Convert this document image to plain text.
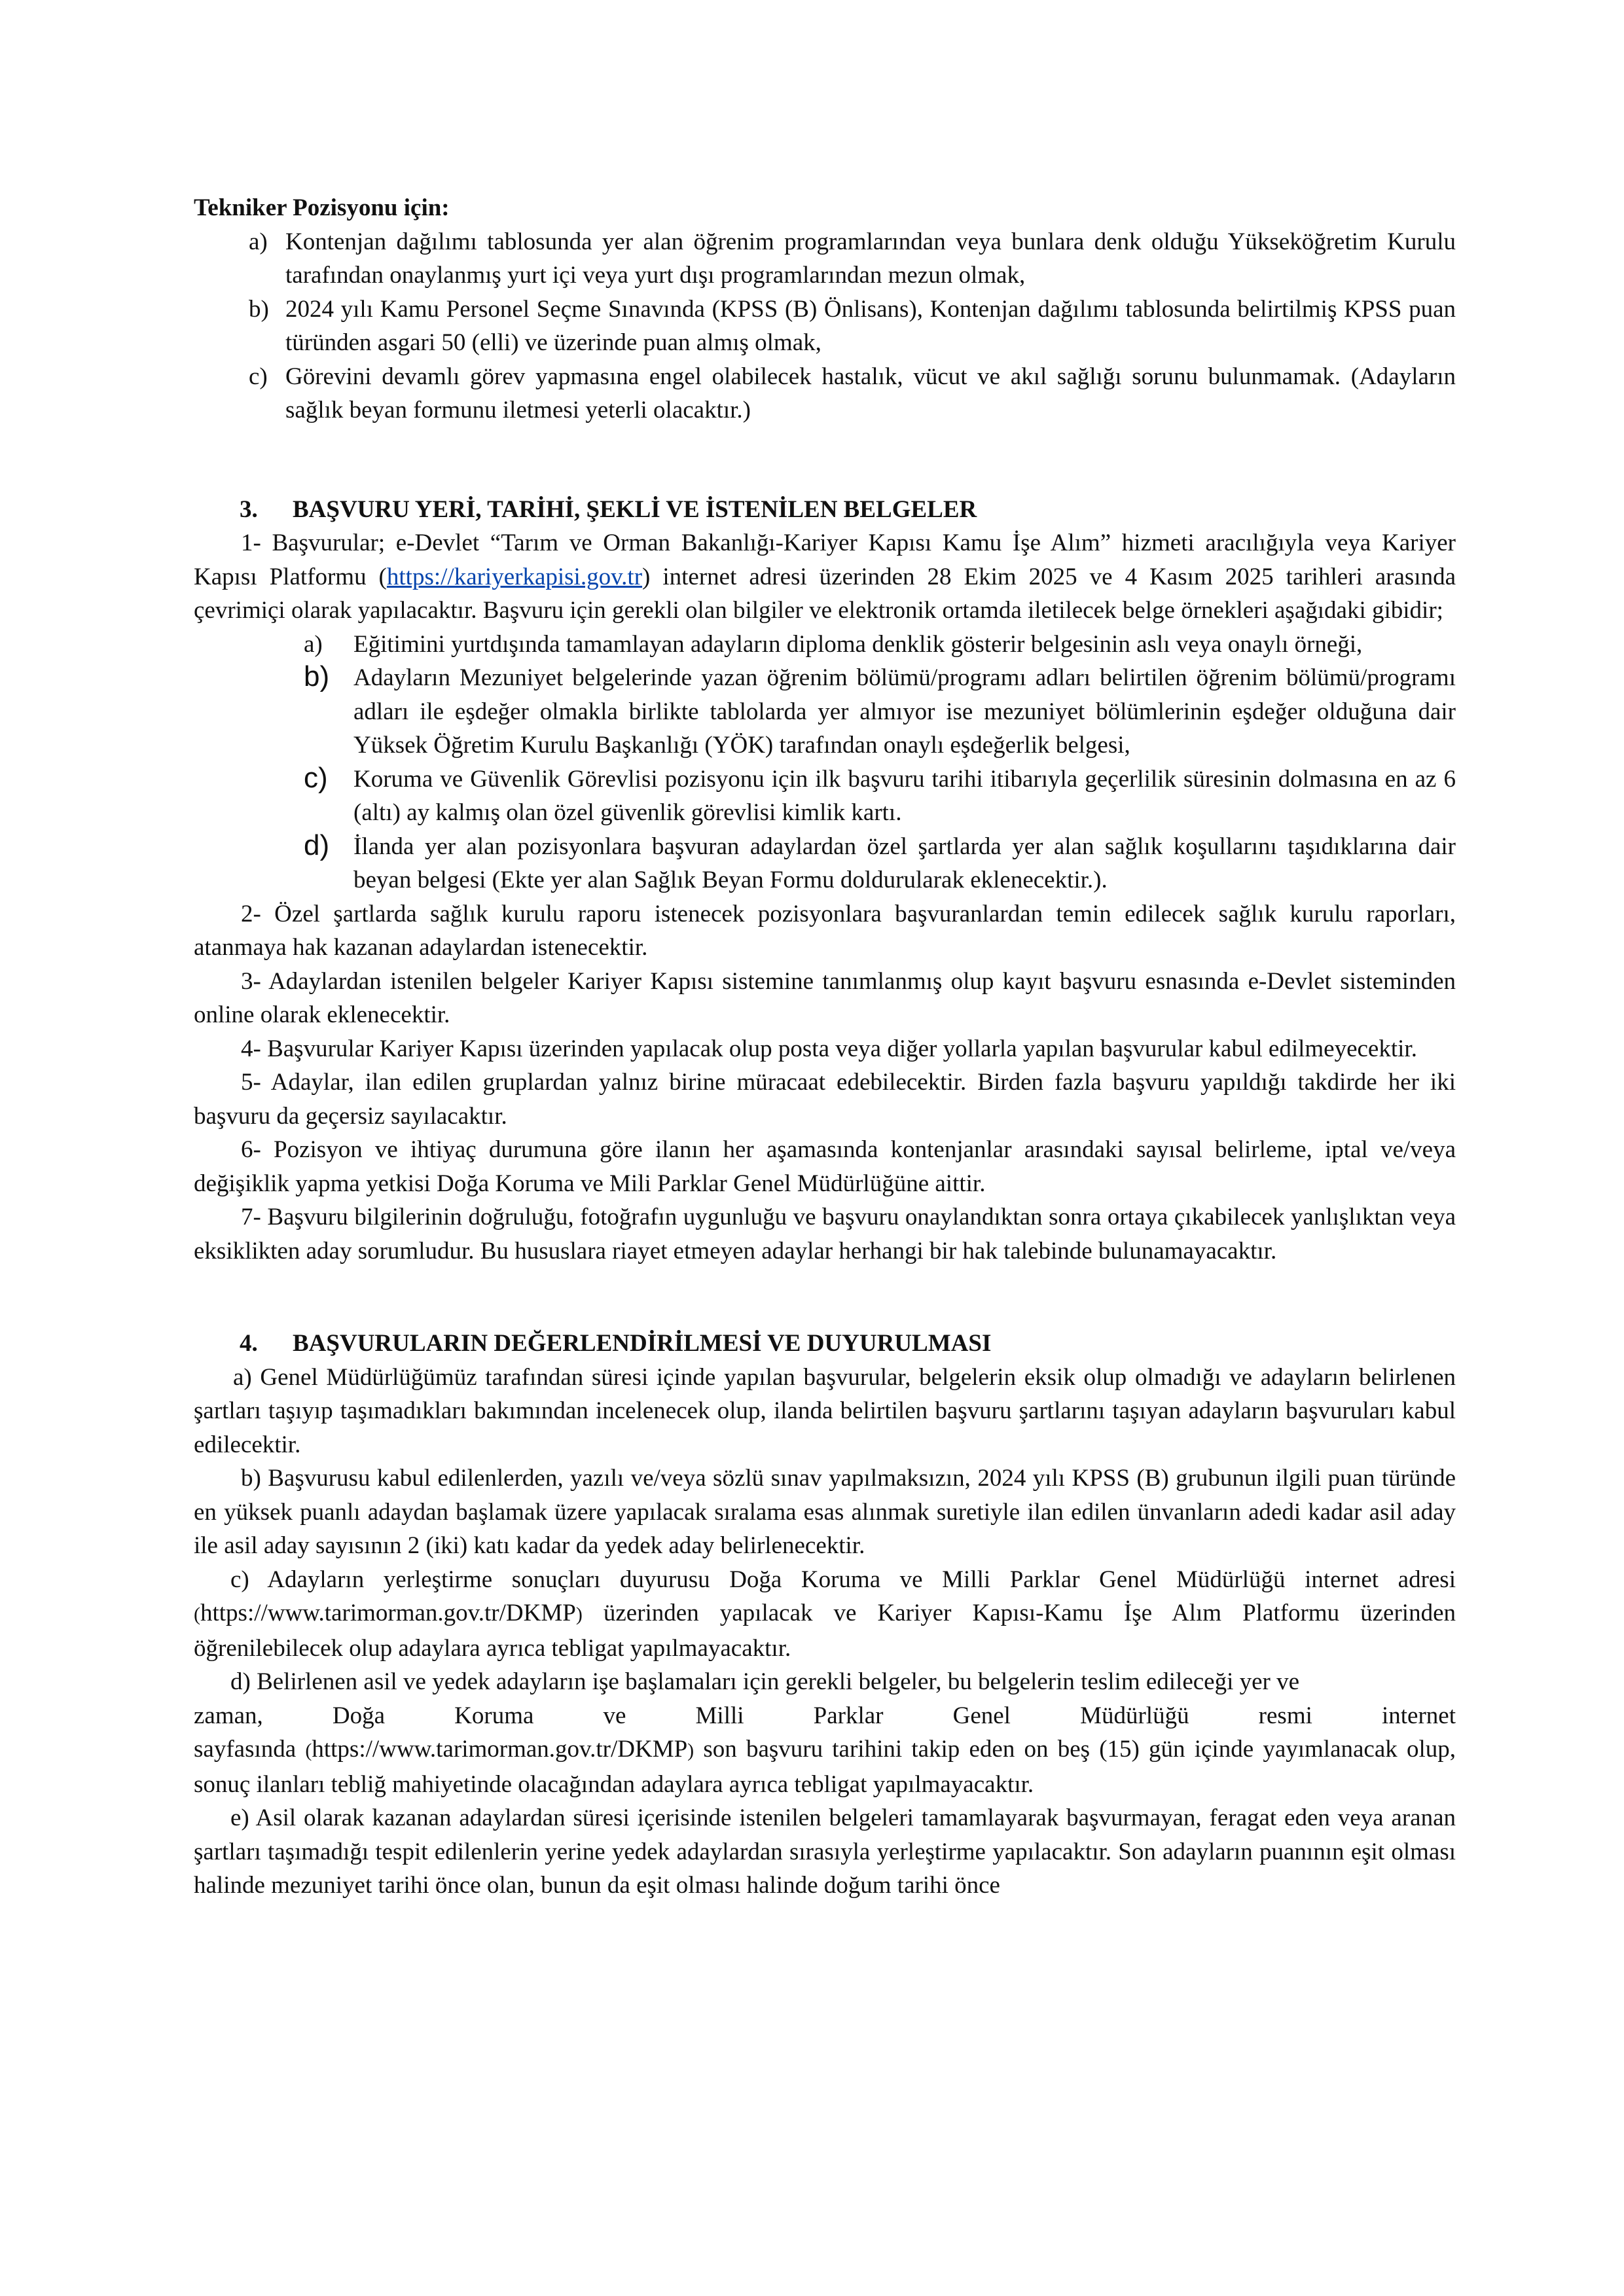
Tekniker Pozisyonu için:

a) Kontenjan dağılımı tablosunda yer alan öğrenim programlarından veya bunlara denk olduğu Yükseköğretim Kurulu tarafından onaylanmış yurt içi veya yurt dışı programlarından mezun olmak,
b) 2024 yılı Kamu Personel Seçme Sınavında (KPSS (B) Önlisans), Kontenjan dağılımı tablosunda belirtilmiş KPSS puan türünden asgari 50 (elli) ve üzerinde puan almış olmak,
c) Görevini devamlı görev yapmasına engel olabilecek hastalık, vücut ve akıl sağlığı sorunu bulunmamak. (Adayların sağlık beyan formunu iletmesi yeterli olacaktır.)

3. BAŞVURU YERİ, TARİHİ, ŞEKLİ VE İSTENİLEN BELGELER

1- Başvurular; e-Devlet “Tarım ve Orman Bakanlığı-Kariyer Kapısı Kamu İşe Alım” hizmeti aracılığıyla veya Kariyer Kapısı Platformu (https://kariyerkapisi.gov.tr) internet adresi üzerinden 28 Ekim 2025 ve 4 Kasım 2025 tarihleri arasında çevrimiçi olarak yapılacaktır. Başvuru için gerekli olan bilgiler ve elektronik ortamda iletilecek belge örnekleri aşağıdaki gibidir;

a) Eğitimini yurtdışında tamamlayan adayların diploma denklik gösterir belgesinin aslı veya onaylı örneği,
b) Adayların Mezuniyet belgelerinde yazan öğrenim bölümü/programı adları belirtilen öğrenim bölümü/programı adları ile eşdeğer olmakla birlikte tablolarda yer almıyor ise mezuniyet bölümlerinin eşdeğer olduğuna dair Yüksek Öğretim Kurulu Başkanlığı (YÖK) tarafından onaylı eşdeğerlik belgesi,
c) Koruma ve Güvenlik Görevlisi pozisyonu için ilk başvuru tarihi itibarıyla geçerlilik süresinin dolmasına en az 6 (altı) ay kalmış olan özel güvenlik görevlisi kimlik kartı.
d) İlanda yer alan pozisyonlara başvuran adaylardan özel şartlarda yer alan sağlık koşullarını taşıdıklarına dair beyan belgesi (Ekte yer alan Sağlık Beyan Formu doldurularak eklenecektir.).

2- Özel şartlarda sağlık kurulu raporu istenecek pozisyonlara başvuranlardan temin edilecek sağlık kurulu raporları, atanmaya hak kazanan adaylardan istenecektir.

3- Adaylardan istenilen belgeler Kariyer Kapısı sistemine tanımlanmış olup kayıt başvuru esnasında e-Devlet sisteminden online olarak eklenecektir.

4- Başvurular Kariyer Kapısı üzerinden yapılacak olup posta veya diğer yollarla yapılan başvurular kabul edilmeyecektir.

5- Adaylar, ilan edilen gruplardan yalnız birine müracaat edebilecektir. Birden fazla başvuru yapıldığı takdirde her iki başvuru da geçersiz sayılacaktır.

6- Pozisyon ve ihtiyaç durumuna göre ilanın her aşamasında kontenjanlar arasındaki sayısal belirleme, iptal ve/veya değişiklik yapma yetkisi Doğa Koruma ve Mili Parklar Genel Müdürlüğüne aittir.

7- Başvuru bilgilerinin doğruluğu, fotoğrafın uygunluğu ve başvuru onaylandıktan sonra ortaya çıkabilecek yanlışlıktan veya eksiklikten aday sorumludur. Bu hususlara riayet etmeyen adaylar herhangi bir hak talebinde bulunamayacaktır.

4. BAŞVURULARIN DEĞERLENDİRİLMESİ VE DUYURULMASI

a) Genel Müdürlüğümüz tarafından süresi içinde yapılan başvurular, belgelerin eksik olup olmadığı ve adayların belirlenen şartları taşıyıp taşımadıkları bakımından incelenecek olup, ilanda belirtilen başvuru şartlarını taşıyan adayların başvuruları kabul edilecektir.

b) Başvurusu kabul edilenlerden, yazılı ve/veya sözlü sınav yapılmaksızın, 2024 yılı KPSS (B) grubunun ilgili puan türünde en yüksek puanlı adaydan başlamak üzere yapılacak sıralama esas alınmak suretiyle ilan edilen ünvanların adedi kadar asil aday ile asil aday sayısının 2 (iki) katı kadar da yedek aday belirlenecektir.

c) Adayların yerleştirme sonuçları duyurusu Doğa Koruma ve Milli Parklar Genel Müdürlüğü internet adresi (https://www.tarimorman.gov.tr/DKMP) üzerinden yapılacak ve Kariyer Kapısı-Kamu İşe Alım Platformu üzerinden öğrenilebilecek olup adaylara ayrıca tebligat yapılmayacaktır.

d) Belirlenen asil ve yedek adayların işe başlamaları için gerekli belgeler, bu belgelerin teslim edileceği yer ve

zaman, Doğa Koruma ve Milli Parklar Genel Müdürlüğü resmi internet

sayfasında (https://www.tarimorman.gov.tr/DKMP) son başvuru tarihini takip eden on beş (15) gün içinde yayımlanacak olup, sonuç ilanları tebliğ mahiyetinde olacağından adaylara ayrıca tebligat yapılmayacaktır.

e) Asil olarak kazanan adaylardan süresi içerisinde istenilen belgeleri tamamlayarak başvurmayan, feragat eden veya aranan şartları taşımadığı tespit edilenlerin yerine yedek adaylardan sırasıyla yerleştirme yapılacaktır. Son adayların puanının eşit olması halinde mezuniyet tarihi önce olan, bunun da eşit olması halinde doğum tarihi önce
